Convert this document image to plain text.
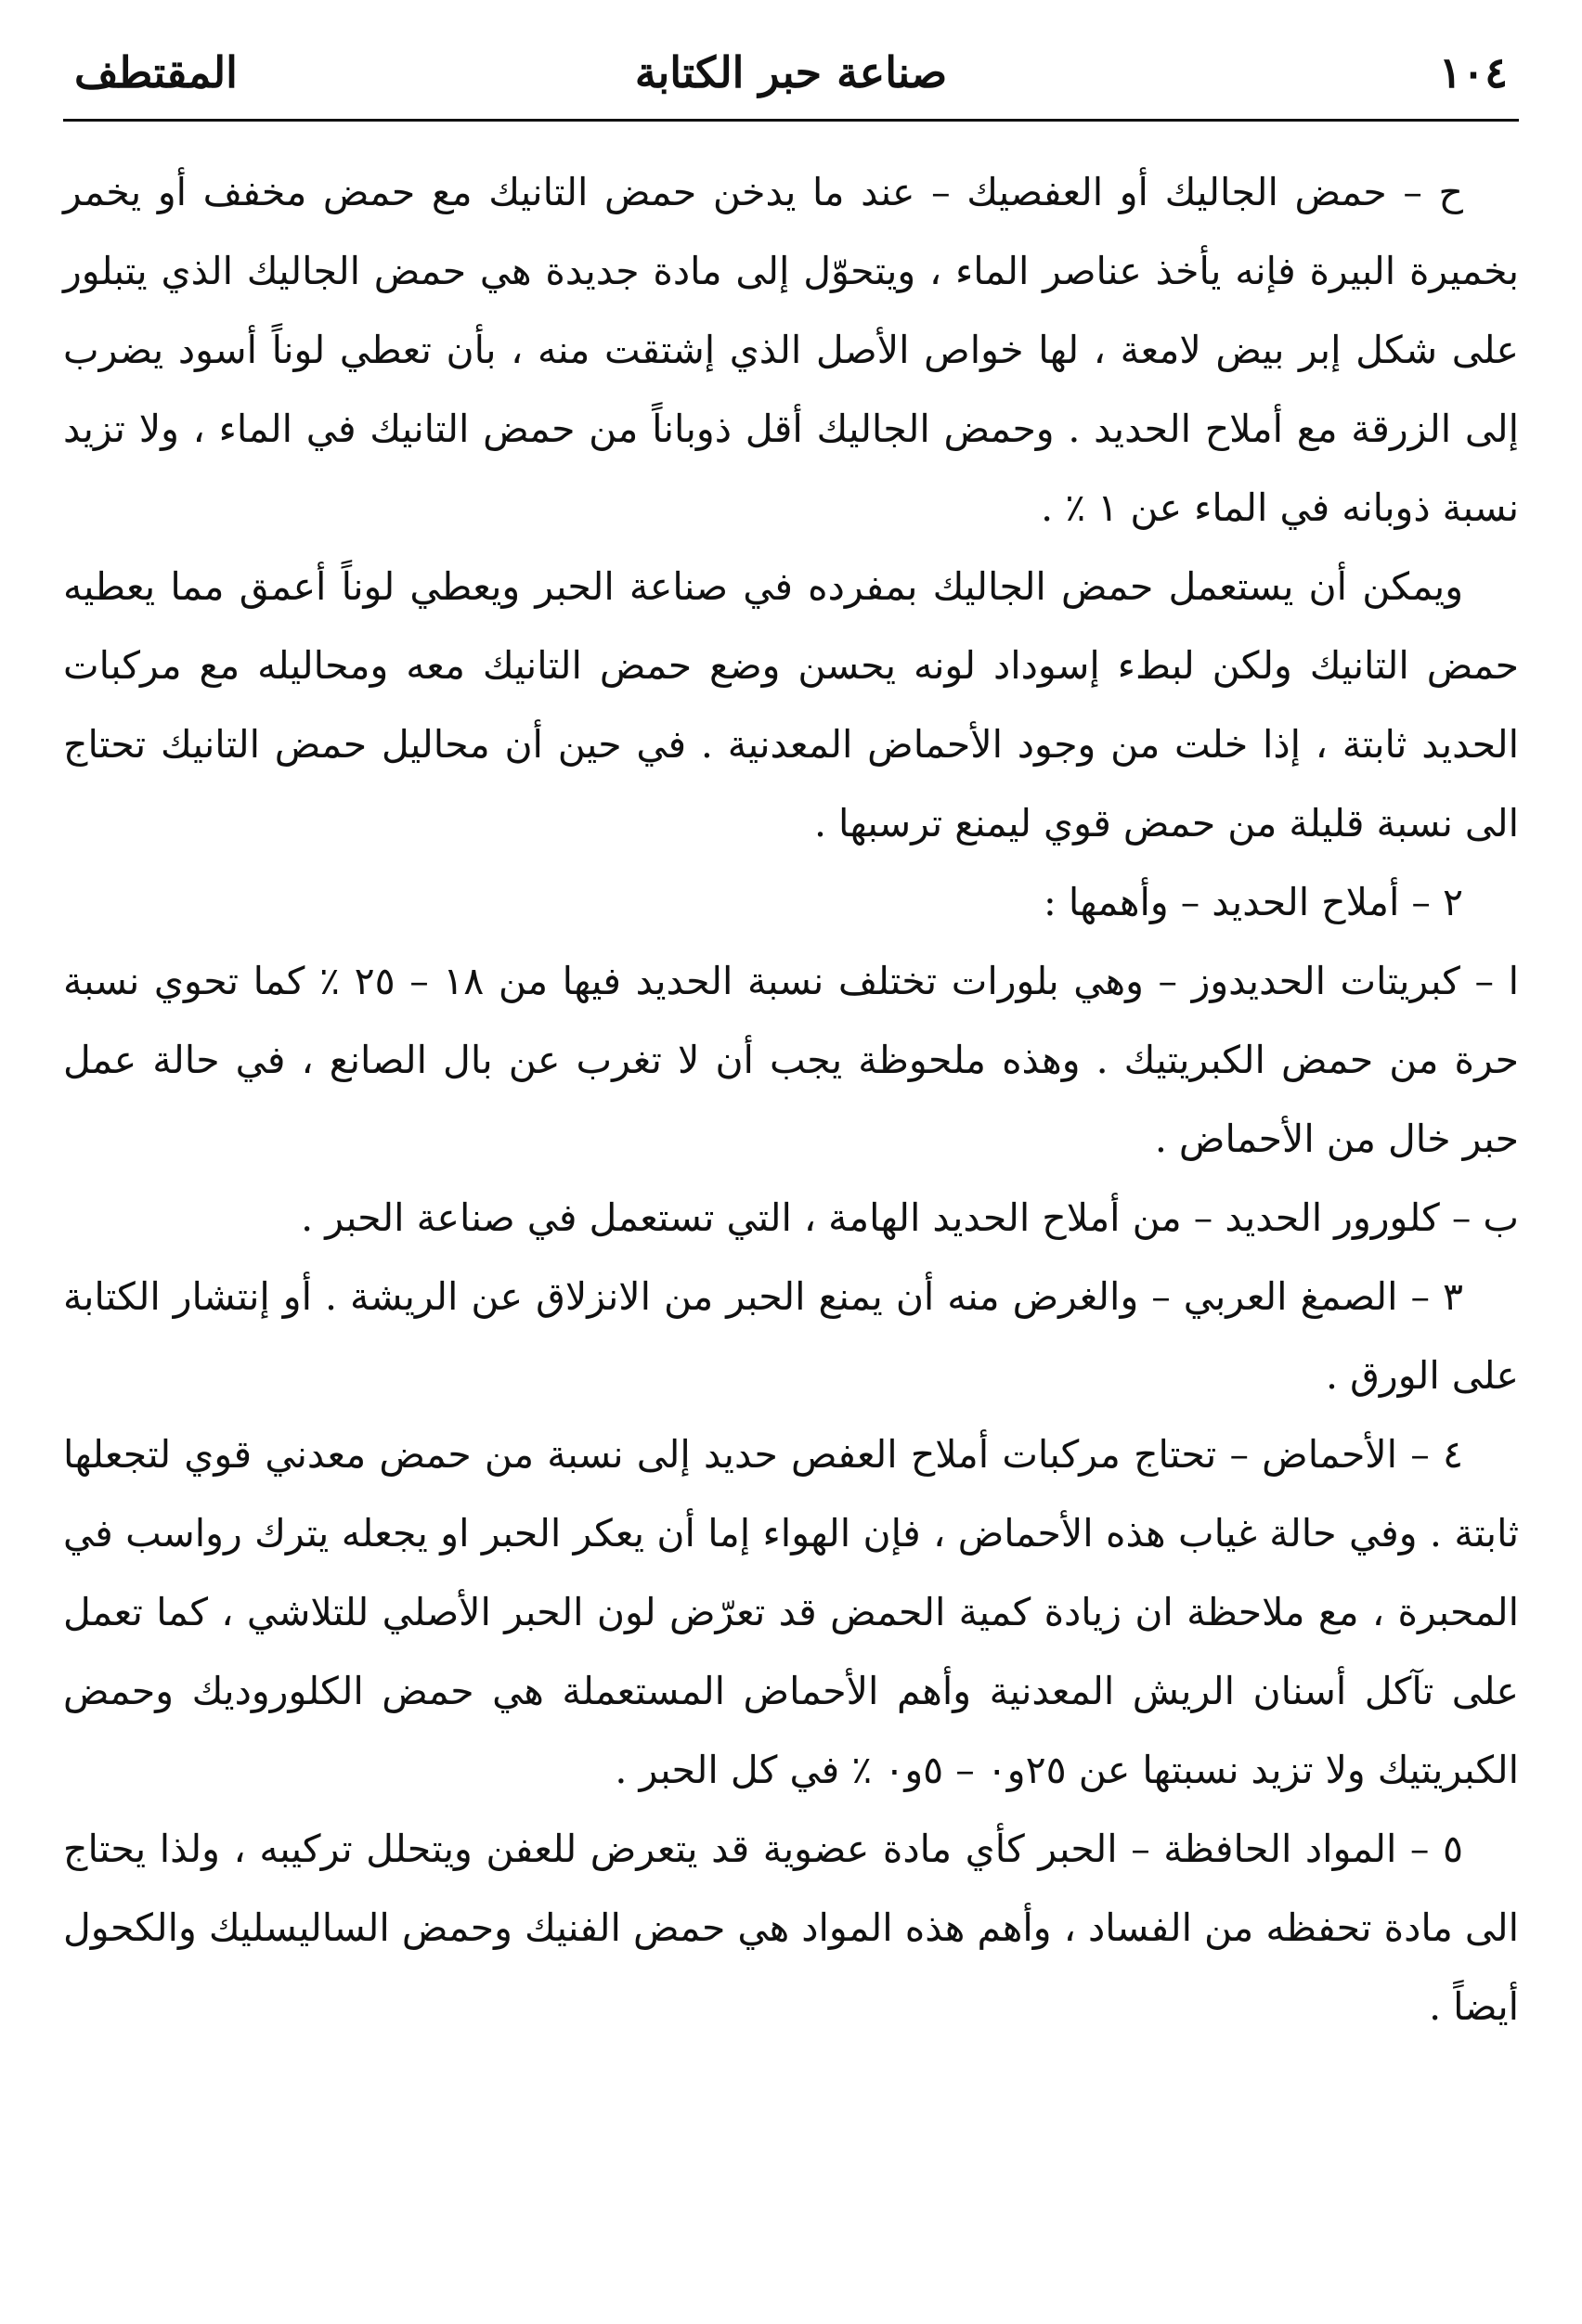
١٠٤
صناعة حبر الكتابة
المقتطف

ح – حمض الجاليك أو العفصيك – عند ما يدخن حمض التانيك مع حمض مخفف أو يخمر بخميرة البيرة فإنه يأخذ عناصر الماء ، ويتحوّل إلى مادة جديدة هي حمض الجاليك الذي يتبلور على شكل إبر بيض لامعة ، لها خواص الأصل الذي إشتقت منه ، بأن تعطي لوناً أسود يضرب إلى الزرقة مع أملاح الحديد . وحمض الجاليك أقل ذوباناً من حمض التانيك في الماء ، ولا تزيد نسبة ذوبانه في الماء عن ١ ٪ .

ويمكن أن يستعمل حمض الجاليك بمفرده في صناعة الحبر ويعطي لوناً أعمق مما يعطيه حمض التانيك ولكن لبطء إسوداد لونه يحسن وضع حمض التانيك معه ومحاليله مع مركبات الحديد ثابتة ، إذا خلت من وجود الأحماض المعدنية . في حين أن محاليل حمض التانيك تحتاج الى نسبة قليلة من حمض قوي ليمنع ترسبها .

٢ – أملاح الحديد – وأهمها :

ا – كبريتات الحديدوز – وهي بلورات تختلف نسبة الحديد فيها من ١٨ – ٢٥ ٪ كما تحوي نسبة حرة من حمض الكبريتيك . وهذه ملحوظة يجب أن لا تغرب عن بال الصانع ، في حالة عمل حبر خال من الأحماض .

ب – كلورور الحديد – من أملاح الحديد الهامة ، التي تستعمل في صناعة الحبر .

٣ – الصمغ العربي – والغرض منه أن يمنع الحبر من الانزلاق عن الريشة . أو إنتشار الكتابة على الورق .

٤ – الأحماض – تحتاج مركبات أملاح العفص حديد إلى نسبة من حمض معدني قوي لتجعلها ثابتة . وفي حالة غياب هذه الأحماض ، فإن الهواء إما أن يعكر الحبر او يجعله يترك رواسب في المحبرة ، مع ملاحظة ان زيادة كمية الحمض قد تعرّض لون الحبر الأصلي للتلاشي ، كما تعمل على تآكل أسنان الريش المعدنية وأهم الأحماض المستعملة هي حمض الكلوروديك وحمض الكبريتيك ولا تزيد نسبتها عن ٢٥و٠ – ٥و٠ ٪ في كل الحبر .

٥ – المواد الحافظة – الحبر كأي مادة عضوية قد يتعرض للعفن ويتحلل تركيبه ، ولذا يحتاج الى مادة تحفظه من الفساد ، وأهم هذه المواد هي حمض الفنيك وحمض الساليسليك والكحول أيضاً .
